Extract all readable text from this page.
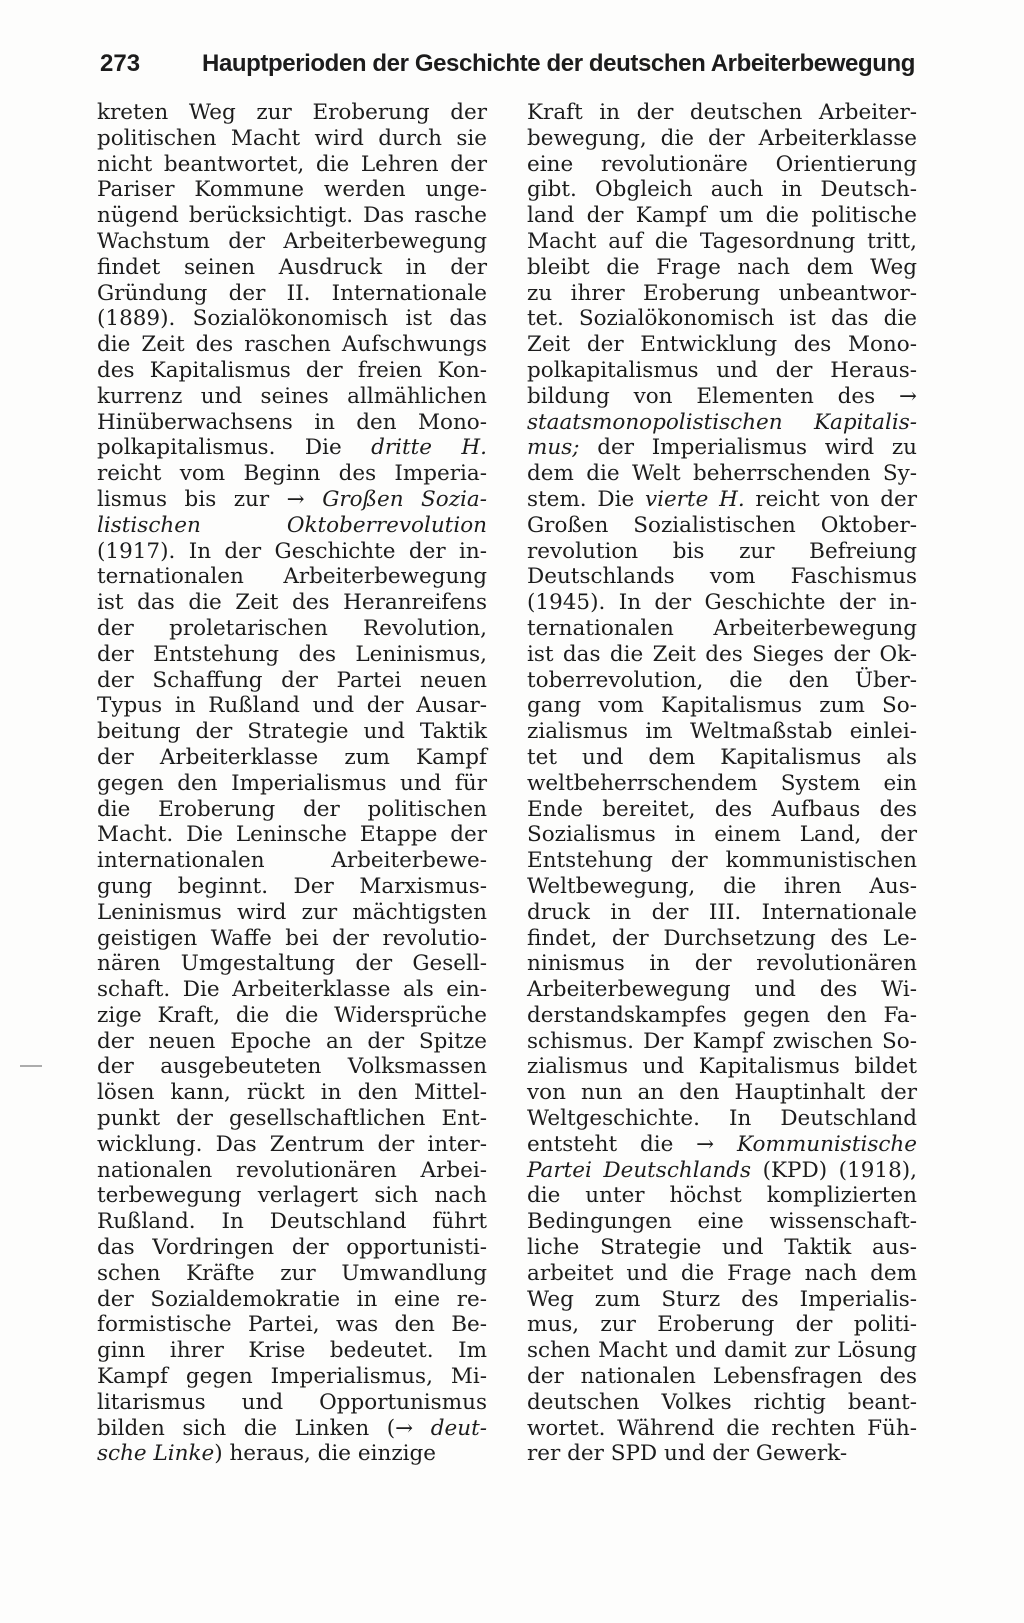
273	Hauptperioden der Geschichte der deutschen Arbeiterbewegung
kreten Weg zur Eroberung der
politischen Macht wird durch sie
nicht beantwortet, die Lehren der
Pariser Kommune werden unge-
nügend berücksichtigt. Das rasche
Wachstum der Arbeiterbewegung
findet seinen Ausdruck in der
Gründung der II. Internationale
(1889). Sozialökonomisch ist das
die Zeit des raschen Aufschwungs
des Kapitalismus der freien Kon-
kurrenz und seines allmählichen
Hinüberwachsens in den Mono-
polkapitalismus. Die dritte H.
reicht vom Beginn des Imperia-
lismus bis zur → Großen Sozia-
listischen Oktoberrevolution
(1917). In der Geschichte der in-
ternationalen Arbeiterbewegung
ist das die Zeit des Heranreifens
der proletarischen Revolution,
der Entstehung des Leninismus,
der Schaffung der Partei neuen
Typus in Rußland und der Ausar-
beitung der Strategie und Taktik
der Arbeiterklasse zum Kampf
gegen den Imperialismus und für
die Eroberung der politischen
Macht. Die Leninsche Etappe der
internationalen Arbeiterbewe-
gung beginnt. Der Marxismus-
Leninismus wird zur mächtigsten
geistigen Waffe bei der revolutio-
nären Umgestaltung der Gesell-
schaft. Die Arbeiterklasse als ein-
zige Kraft, die die Widersprüche
der neuen Epoche an der Spitze
der ausgebeuteten Volksmassen
lösen kann, rückt in den Mittel-
punkt der gesellschaftlichen Ent-
wicklung. Das Zentrum der inter-
nationalen revolutionären Arbei-
terbewegung verlagert sich nach
Rußland. In Deutschland führt
das Vordringen der opportunisti-
schen Kräfte zur Umwandlung
der Sozialdemokratie in eine re-
formistische Partei, was den Be-
ginn ihrer Krise bedeutet. Im
Kampf gegen Imperialismus, Mi-
litarismus und Opportunismus
bilden sich die Linken (→ deut-
sche Linke) heraus, die einzige
Kraft in der deutschen Arbeiter-
bewegung, die der Arbeiterklasse
eine revolutionäre Orientierung
gibt. Obgleich auch in Deutsch-
land der Kampf um die politische
Macht auf die Tagesordnung tritt,
bleibt die Frage nach dem Weg
zu ihrer Eroberung unbeantwor-
tet. Sozialökonomisch ist das die
Zeit der Entwicklung des Mono-
polkapitalismus und der Heraus-
bildung von Elementen des →
staatsmonopolistischen Kapitalis-
mus; der Imperialismus wird zu
dem die Welt beherrschenden Sy-
stem. Die vierte H. reicht von der
Großen Sozialistischen Oktober-
revolution bis zur Befreiung
Deutschlands vom Faschismus
(1945). In der Geschichte der in-
ternationalen Arbeiterbewegung
ist das die Zeit des Sieges der Ok-
toberrevolution, die den Über-
gang vom Kapitalismus zum So-
zialismus im Weltmaßstab einlei-
tet und dem Kapitalismus als
weltbeherrschendem System ein
Ende bereitet, des Aufbaus des
Sozialismus in einem Land, der
Entstehung der kommunistischen
Weltbewegung, die ihren Aus-
druck in der III. Internationale
findet, der Durchsetzung des Le-
ninismus in der revolutionären
Arbeiterbewegung und des Wi-
derstandskampfes gegen den Fa-
schismus. Der Kampf zwischen So-
zialismus und Kapitalismus bildet
von nun an den Hauptinhalt der
Weltgeschichte. In Deutschland
entsteht die → Kommunistische
Partei Deutschlands (KPD) (1918),
die unter höchst komplizierten
Bedingungen eine wissenschaft-
liche Strategie und Taktik aus-
arbeitet und die Frage nach dem
Weg zum Sturz des Imperialis-
mus, zur Eroberung der politi-
schen Macht und damit zur Lösung
der nationalen Lebensfragen des
deutschen Volkes richtig beant-
wortet. Während die rechten Füh-
rer der SPD und der Gewerk-
